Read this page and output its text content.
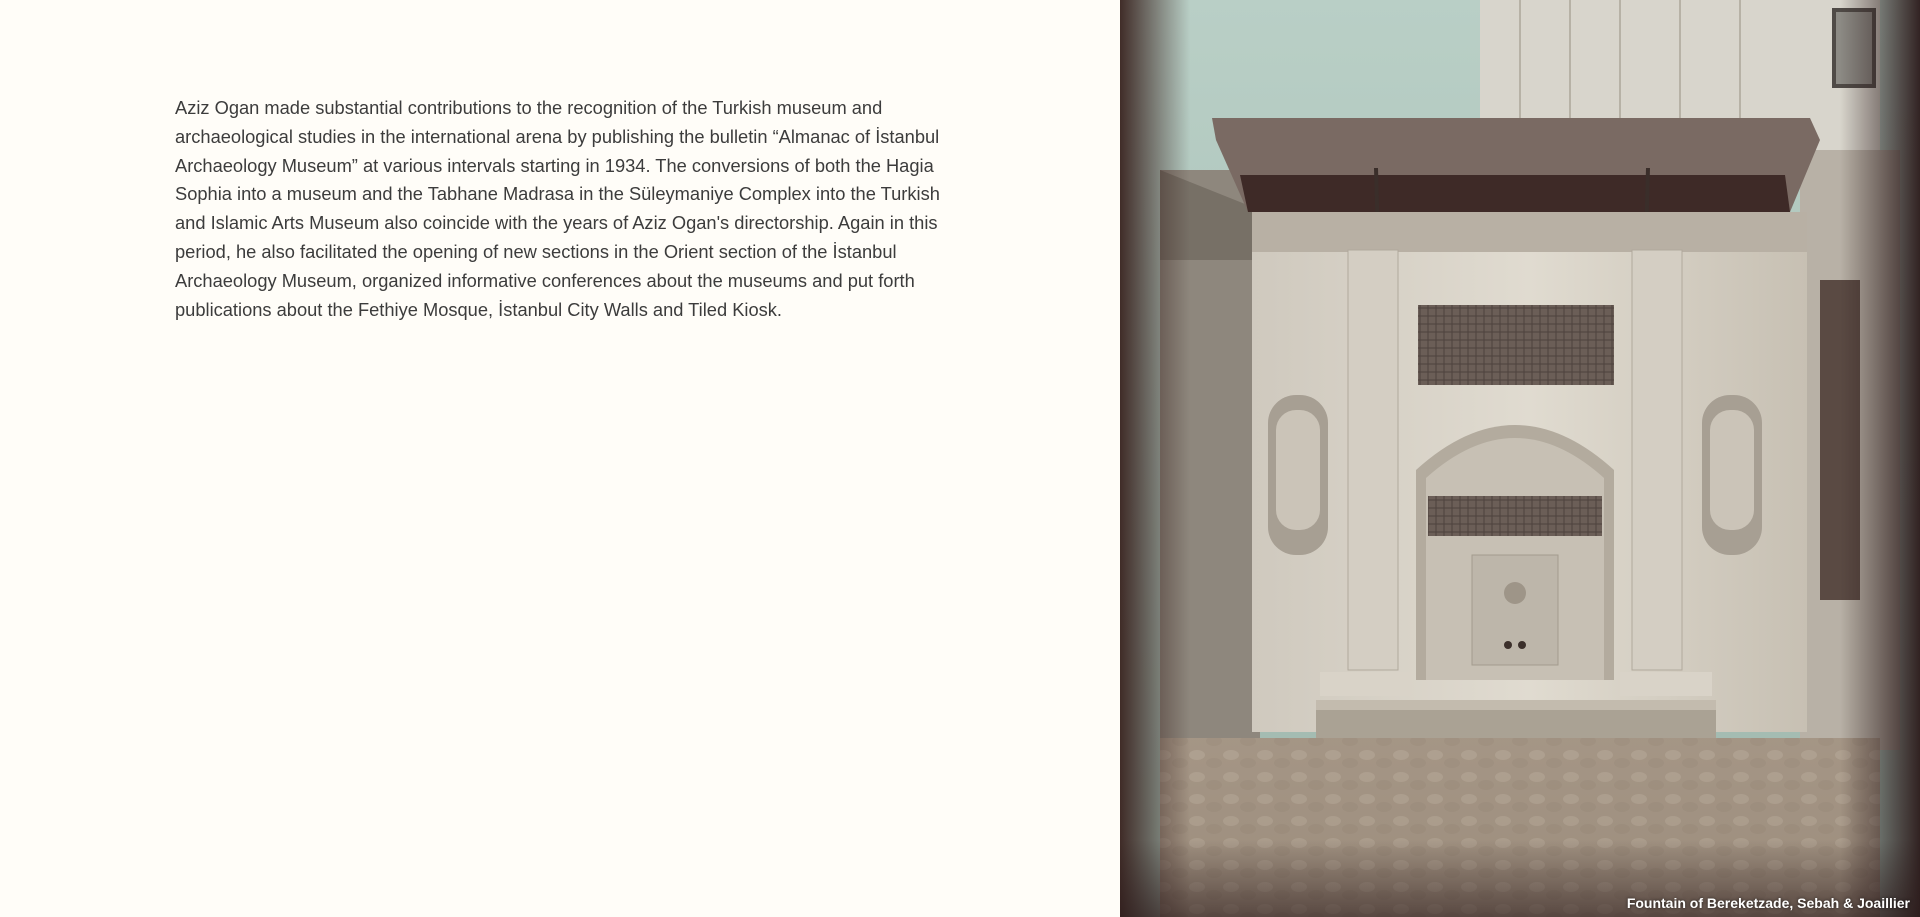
Aziz Ogan made substantial contributions to the recognition of the Turkish museum and archaeological studies in the international arena by publishing the bulletin “Almanac of İstanbul Archaeology Museum” at various intervals starting in 1934. The conversions of both the Hagia Sophia into a museum and the Tabhane Madrasa in the Süleymaniye Complex into the Turkish and Islamic Arts Museum also coincide with the years of Aziz Ogan's directorship. Again in this period, he also facilitated the opening of new sections in the Orient section of the İstanbul Archaeology Museum, organized informative conferences about the museums and put forth publications about the Fethiye Mosque, İstanbul City Walls and Tiled Kiosk.

Fountain of Bereketzade, Sebah & Joaillier
